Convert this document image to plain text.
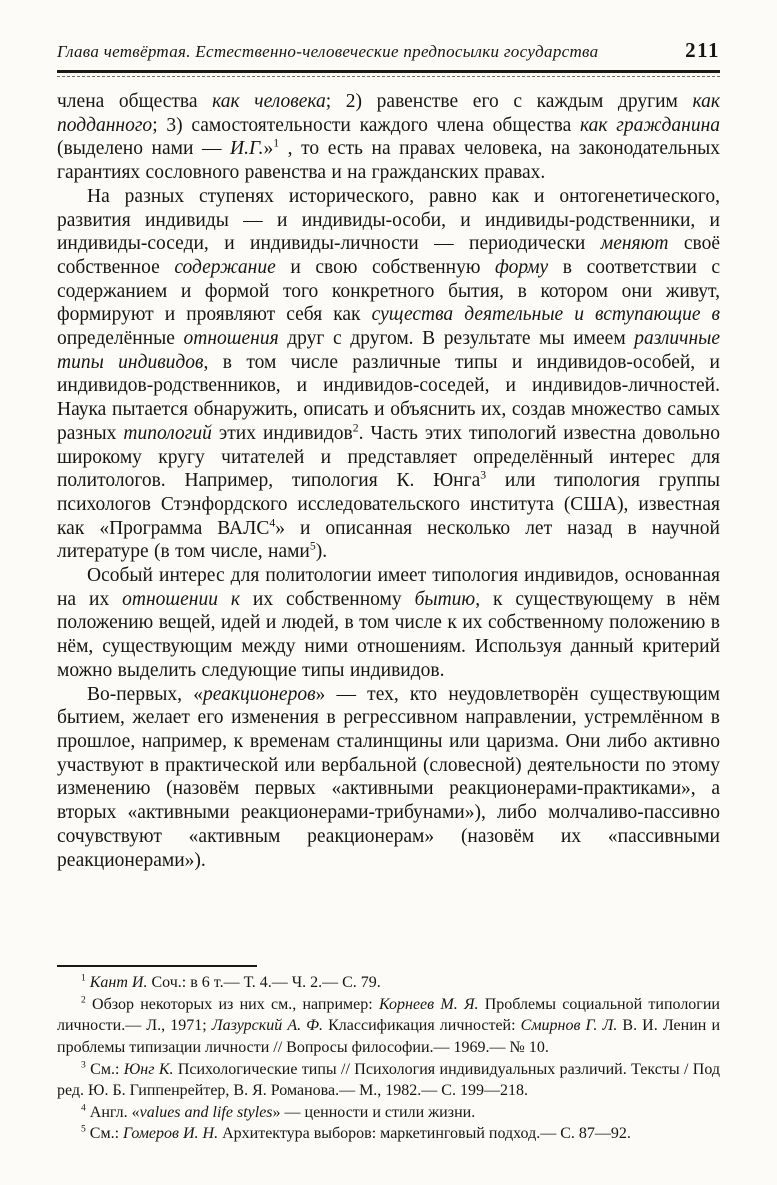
Глава четвёртая. Естественно-человеческие предпосылки государства	211

члена общества как человека; 2) равенстве его с каждым другим как подданного; 3) самостоятельности каждого члена общества как гражданина (выделено нами — И.Г.»$^1$ , то есть на правах человека, на законодательных гарантиях сословного равенства и на гражданских правах.

На разных ступенях исторического, равно как и онтогенетического, развития индивиды — и индивиды-особи, и индивиды-родственники, и индивиды-соседи, и индивиды-личности — периодически меняют своё собственное содержание и свою собственную форму в соответствии с содержанием и формой того конкретного бытия, в котором они живут, формируют и проявляют себя как существа деятельные и вступающие в определённые отношения друг с другом. В результате мы имеем различные типы индивидов, в том числе различные типы и индивидов-особей, и индивидов-родственников, и индивидов-соседей, и индивидов-личностей. Наука пытается обнаружить, описать и объяснить их, создав множество самых разных типологий этих индивидов$^2$. Часть этих типологий известна довольно широкому кругу читателей и представляет определённый интерес для политологов. Например, типология К. Юнга$^3$ или типология группы психологов Стэнфордского исследовательского института (США), известная как «Программа ВАЛС$^4$» и описанная несколько лет назад в научной литературе (в том числе, нами$^5$).

Особый интерес для политологии имеет типология индивидов, основанная на их отношении к их собственному бытию, к существующему в нём положению вещей, идей и людей, в том числе к их собственному положению в нём, существующим между ними отношениям. Используя данный критерий можно выделить следующие типы индивидов.

Во-первых, «реакционеров» — тех, кто неудовлетворён существующим бытием, желает его изменения в регрессивном направлении, устремлённом в прошлое, например, к временам сталинщины или царизма. Они либо активно участвуют в практической или вербальной (словесной) деятельности по этому изменению (назовём первых «активными реакционерами-практиками», а вторых «активными реакционерами-трибунами»), либо молчаливо-пассивно сочувствуют «активным реакционерам» (назовём их «пассивными реакционерами»).

$^1$ Кант И. Соч.: в 6 т.— Т. 4.— Ч. 2.— С. 79.

$^2$ Обзор некоторых из них см., например: Корнеев М. Я. Проблемы социальной типологии личности.— Л., 1971; Лазурский А. Ф. Классификация личностей: Смирнов Г. Л. В. И. Ленин и проблемы типизации личности // Вопросы философии.— 1969.— № 10.

$^3$ См.: Юнг К. Психологические типы // Психология индивидуальных различий. Тексты / Под ред. Ю. Б. Гиппенрейтер, В. Я. Романова.— М., 1982.— С. 199—218.

$^4$ Англ. «values and life styles» — ценности и стили жизни.

$^5$ См.: Гомеров И. Н. Архитектура выборов: маркетинговый подход.— С. 87—92.
